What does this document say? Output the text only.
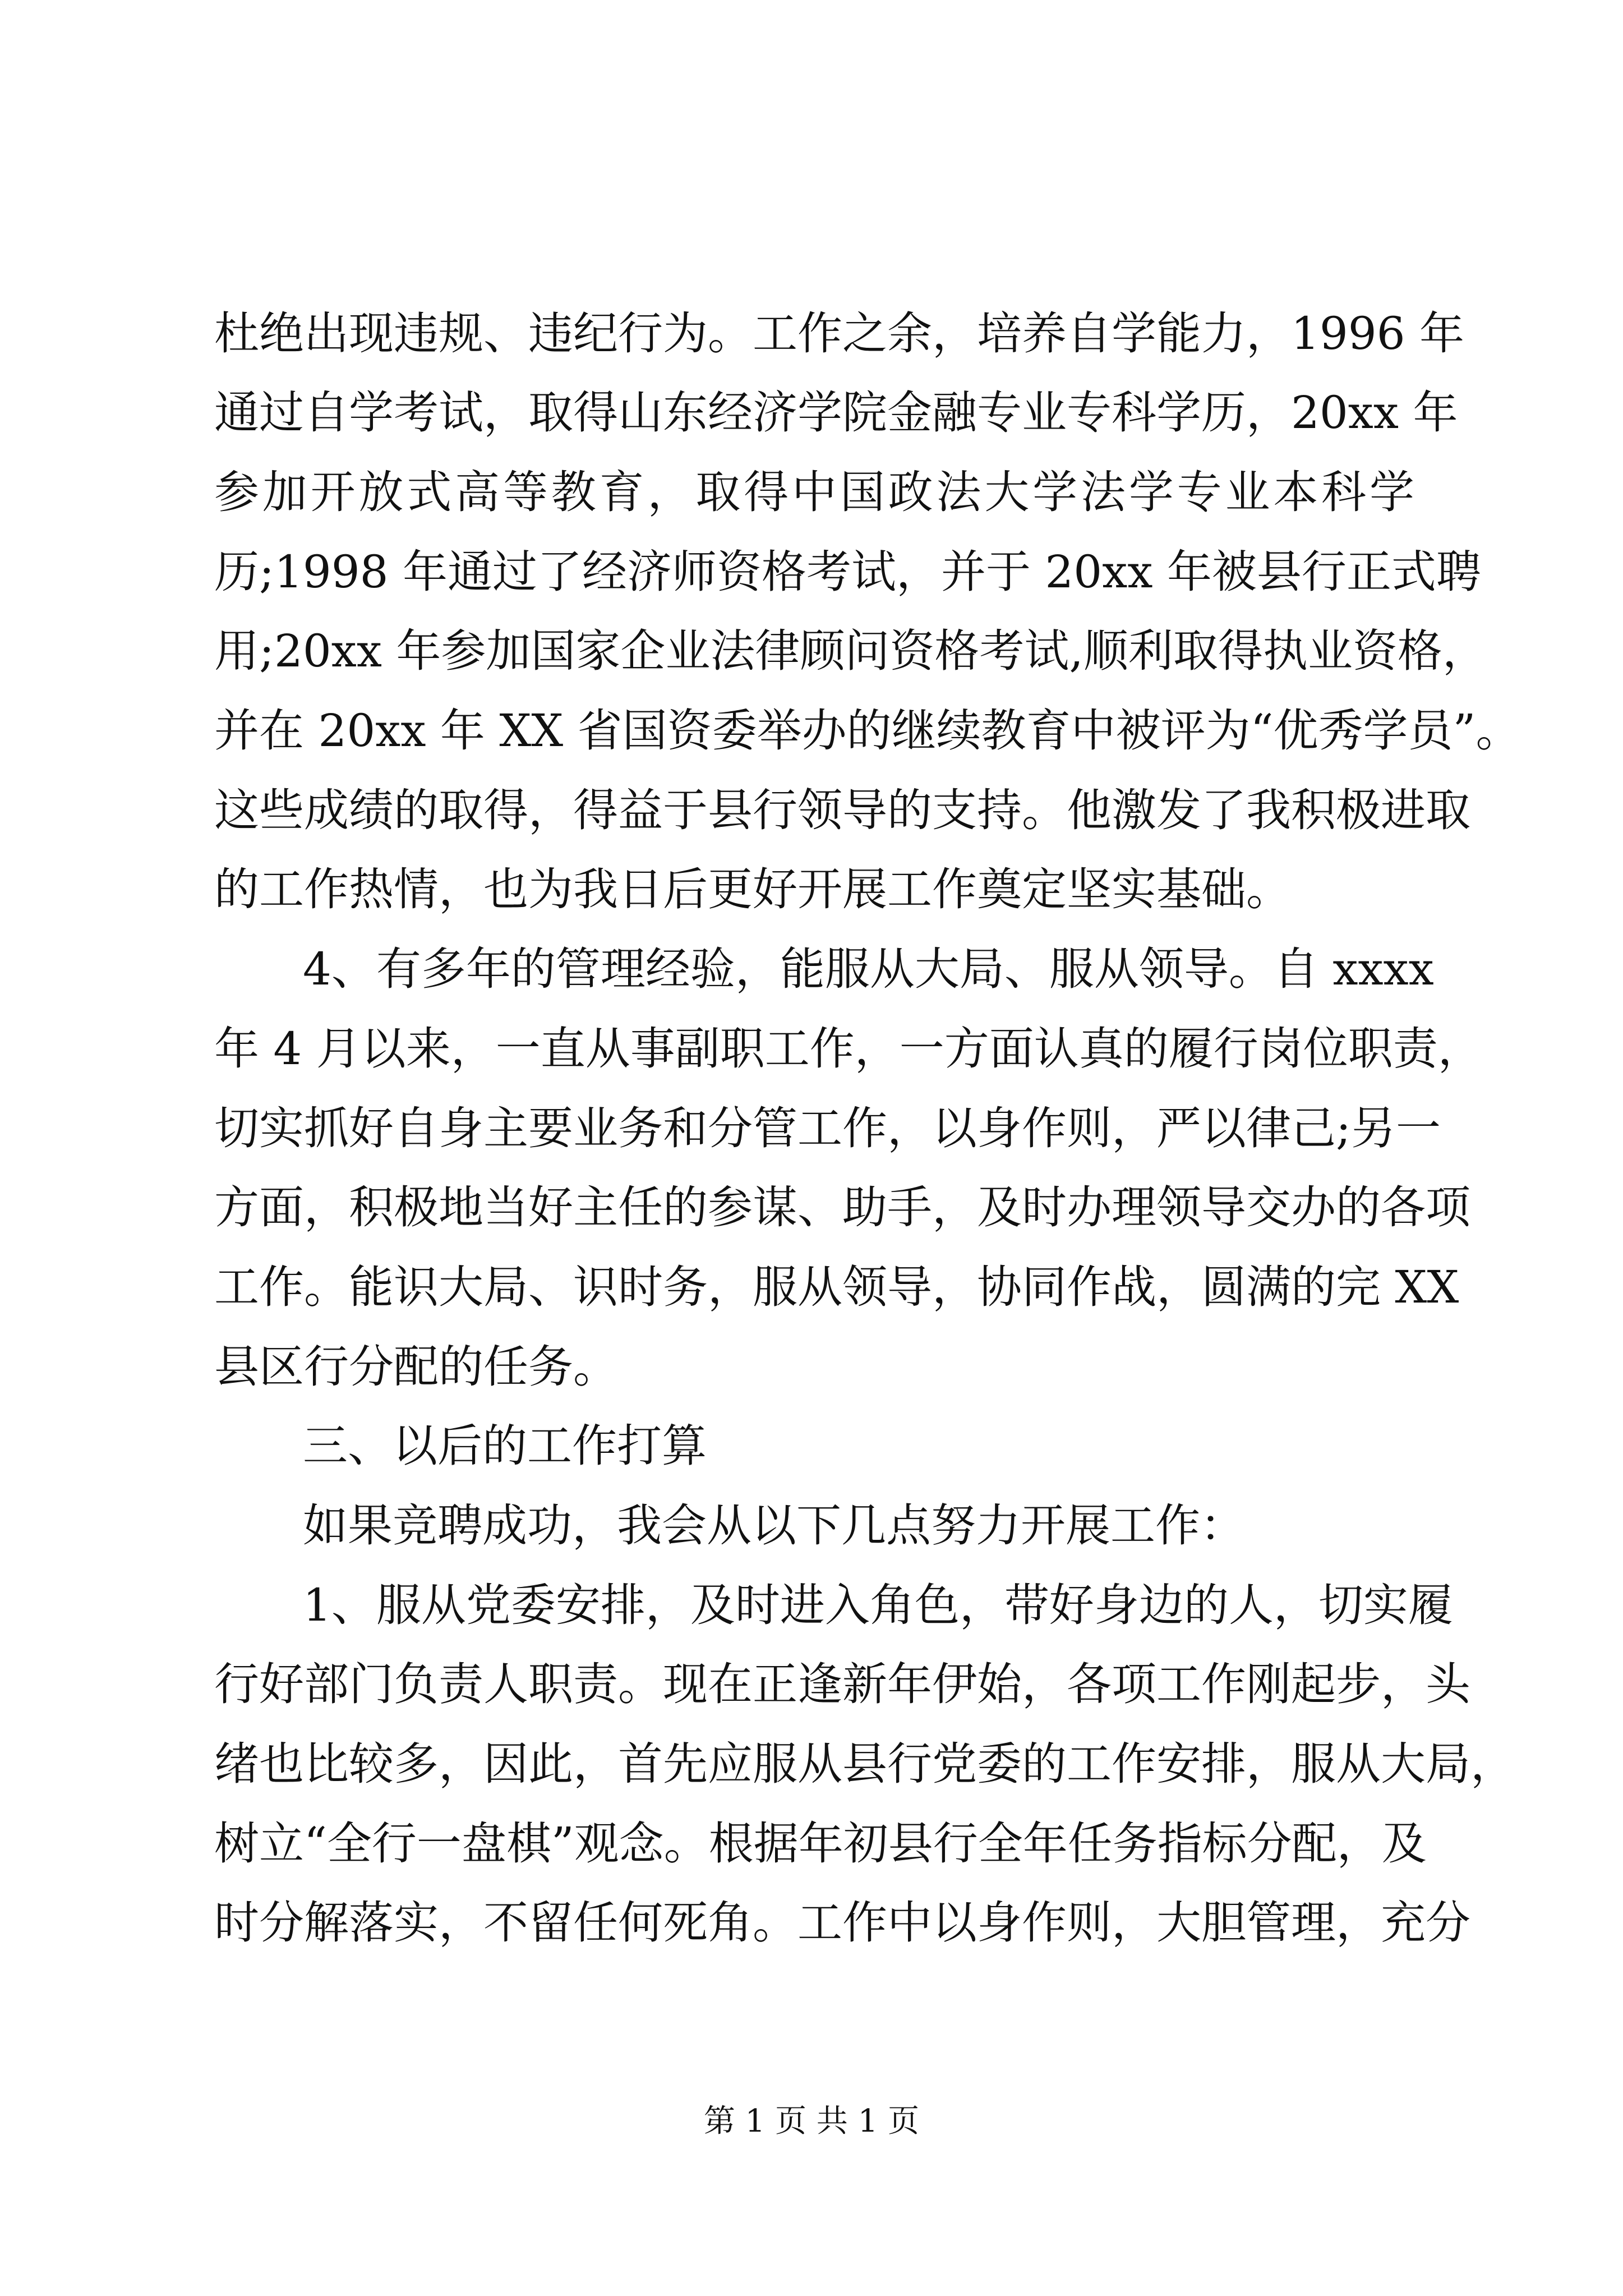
杜绝出现违规、违纪行为。工作之余，培养自学能力，1996 年
通过自学考试，取得山东经济学院金融专业专科学历，20xx 年
参加开放式高等教育，取得中国政法大学法学专业本科学
历;1998 年通过了经济师资格考试，并于 20xx 年被县行正式聘
用;20xx 年参加国家企业法律顾问资格考试,顺利取得执业资格，
并在 20xx 年 XX 省国资委举办的继续教育中被评为“优秀学员”。
这些成绩的取得，得益于县行领导的支持。他激发了我积极进取
的工作热情，也为我日后更好开展工作奠定坚实基础。
4、有多年的管理经验，能服从大局、服从领导。自 xxxx
年 4 月以来，一直从事副职工作，一方面认真的履行岗位职责，
切实抓好自身主要业务和分管工作，以身作则，严以律己;另一
方面，积极地当好主任的参谋、助手，及时办理领导交办的各项
工作。能识大局、识时务，服从领导，协同作战，圆满的完 XX
县区行分配的任务。
三、以后的工作打算
如果竞聘成功，我会从以下几点努力开展工作：
1、服从党委安排，及时进入角色，带好身边的人，切实履
行好部门负责人职责。现在正逢新年伊始，各项工作刚起步，头
绪也比较多，因此，首先应服从县行党委的工作安排，服从大局，
树立“全行一盘棋”观念。根据年初县行全年任务指标分配，及
时分解落实，不留任何死角。工作中以身作则，大胆管理，充分
第 1 页 共 1 页
